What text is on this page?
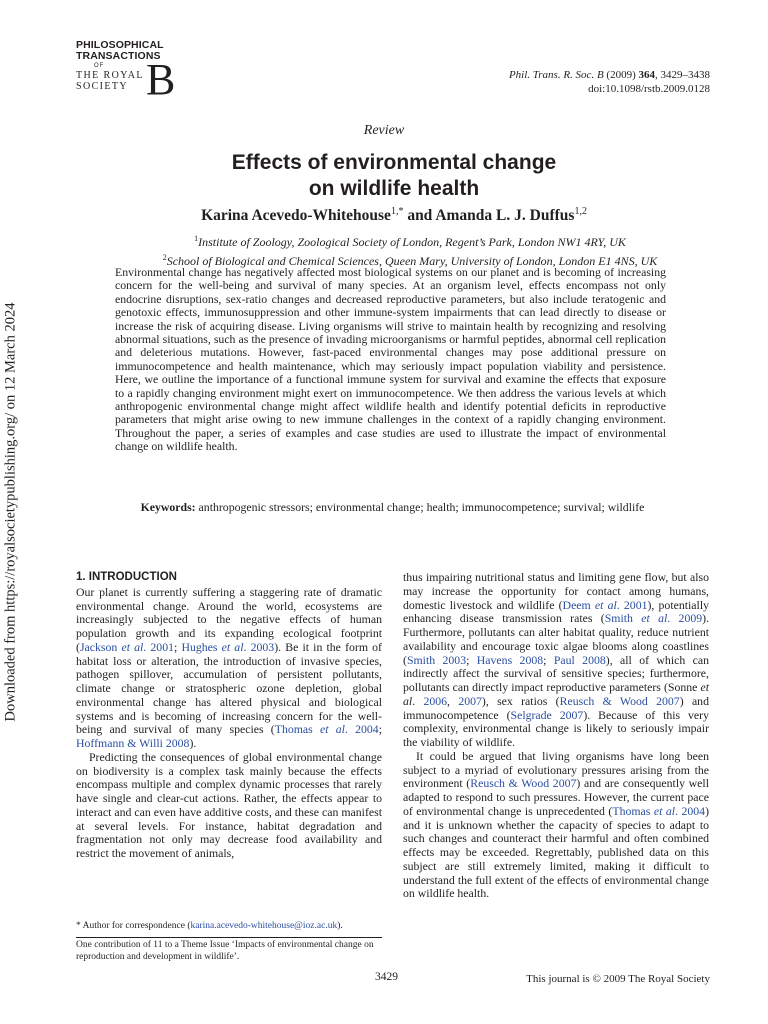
PHILOSOPHICAL
TRANSACTIONS
OF
THE ROYAL
SOCIETY B	Phil. Trans. R. Soc. B (2009) 364, 3429–3438
doi:10.1098/rstb.2009.0128
Review
Effects of environmental change
on wildlife health
Karina Acevedo-Whitehouse$^{1,*}$ and Amanda L. J. Duffus$^{1,2}$
$^1$Institute of Zoology, Zoological Society of London, Regent’s Park, London NW1 4RY, UK
$^2$School of Biological and Chemical Sciences, Queen Mary, University of London, London E1 4NS, UK
Environmental change has negatively affected most biological systems on our planet and is becoming of increasing concern for the well-being and survival of many species. At an organism level, effects encompass not only endocrine disruptions, sex-ratio changes and decreased reproductive parameters, but also include teratogenic and genotoxic effects, immunosuppression and other immune-system impairments that can lead directly to disease or increase the risk of acquiring disease. Living organisms will strive to maintain health by recognizing and resolving abnormal situations, such as the presence of invading microorganisms or harmful peptides, abnormal cell replication and deleterious mutations. However, fast-paced environmental changes may pose additional pressure on immunocompetence and health maintenance, which may seriously impact population viability and persistence. Here, we outline the importance of a functional immune system for survival and examine the effects that exposure to a rapidly changing environment might exert on immunocompetence. We then address the various levels at which anthropogenic environmental change might affect wildlife health and identify potential deficits in reproductive parameters that might arise owing to new immune challenges in the context of a rapidly changing environment. Throughout the paper, a series of examples and case studies are used to illustrate the impact of environmental change on wildlife health.
Keywords: anthropogenic stressors; environmental change; health; immunocompetence; survival; wildlife
Downloaded from https://royalsocietypublishing.org/ on 12 March 2024	1. INTRODUCTION

Our planet is currently suffering a staggering rate of dramatic environmental change. Around the world, ecosystems are increasingly subjected to the negative effects of human population growth and its expanding ecological footprint (Jackson et al. 2001; Hughes et al. 2003). Be it in the form of habitat loss or alteration, the introduction of invasive species, pathogen spillover, accumulation of persistent pollutants, climate change or stratospheric ozone depletion, global environmental change has altered physical and biological systems and is becoming of increasing concern for the well-being and survival of many species (Thomas et al. 2004; Hoffmann & Willi 2008).

Predicting the consequences of global environmental change on biodiversity is a complex task mainly because the effects encompass multiple and complex dynamic processes that rarely have single and clear-cut actions. Rather, the effects appear to interact and can even have additive costs, and these can manifest at several levels. For instance, habitat degradation and fragmentation not only may decrease food availability and restrict the movement of animals,

thus impairing nutritional status and limiting gene flow, but also may increase the opportunity for contact among humans, domestic livestock and wildlife (Deem et al. 2001), potentially enhancing disease transmission rates (Smith et al. 2009). Furthermore, pollutants can alter habitat quality, reduce nutrient availability and encourage toxic algae blooms along coastlines (Smith 2003; Havens 2008; Paul 2008), all of which can indirectly affect the survival of sensitive species; furthermore, pollutants can directly impact reproductive parameters (Sonne et al. 2006, 2007), sex ratios (Reusch & Wood 2007) and immunocompetence (Selgrade 2007). Because of this very complexity, environmental change is likely to seriously impair the viability of wildlife.

It could be argued that living organisms have long been subject to a myriad of evolutionary pressures arising from the environment (Reusch & Wood 2007) and are consequently well adapted to respond to such pressures. However, the current pace of environmental change is unprecedented (Thomas et al. 2004) and it is unknown whether the capacity of species to adapt to such changes and counteract their harmful and often combined effects may be exceeded. Regrettably, published data on this subject are still extremely limited, making it difficult to understand the full extent of the effects of environmental change on wildlife health.

* Author for correspondence (karina.acevedo-whitehouse@ioz.ac.uk).
One contribution of 11 to a Theme Issue ‘Impacts of environmental change on reproduction and development in wildlife’.
3429	This journal is © 2009 The Royal Society
